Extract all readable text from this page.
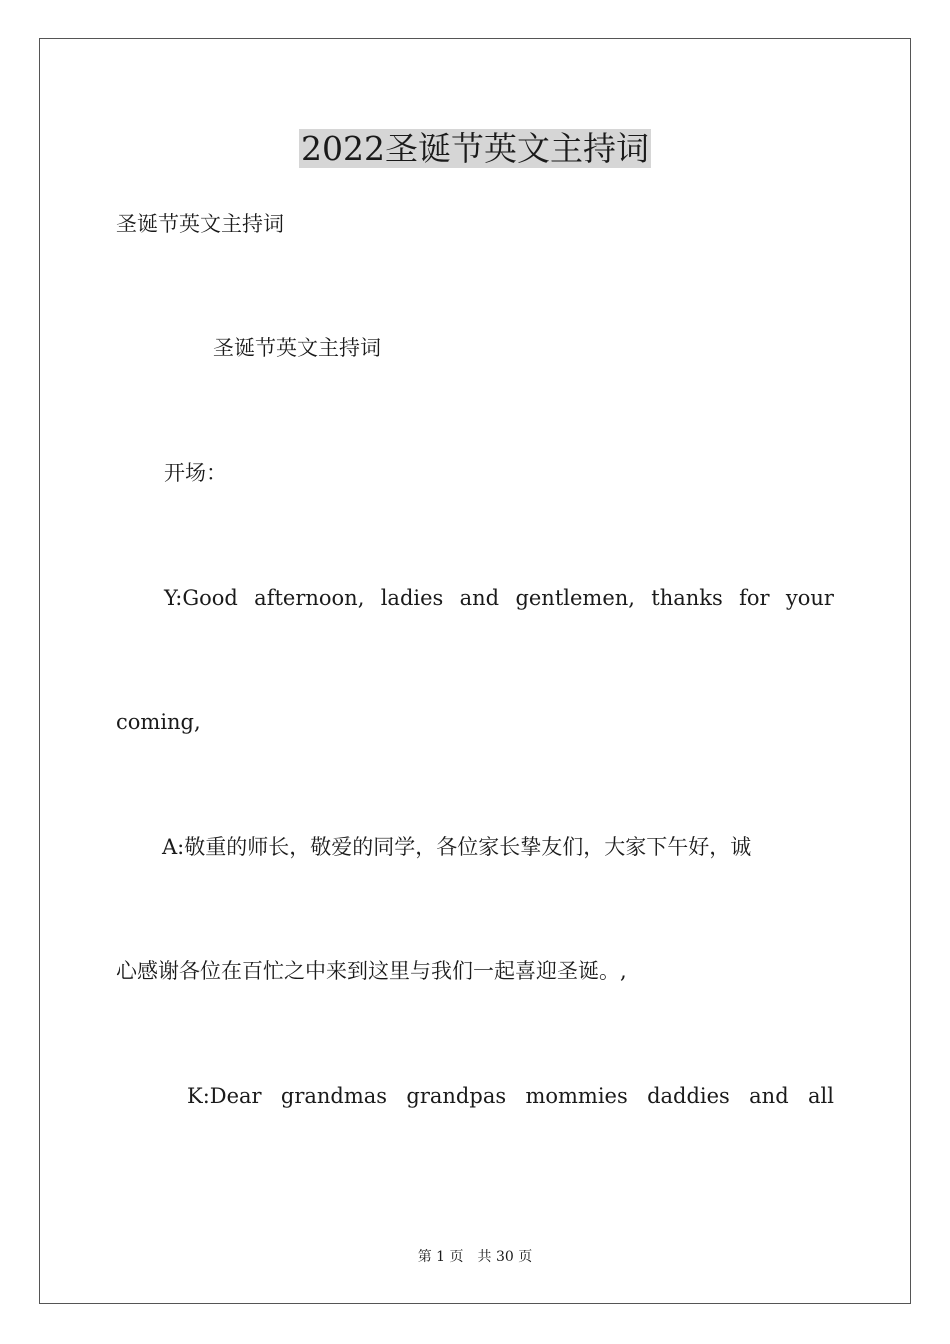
2022圣诞节英文主持词
圣诞节英文主持词
圣诞节英文主持词
开场：
Y:Good afternoon, ladies and gentlemen, thanks for your
coming,
A:敬重的师长，敬爱的同学，各位家长挚友们，大家下午好，诚
心感谢各位在百忙之中来到这里与我们一起喜迎圣诞。,
K:Dear grandmas grandpas mommies daddies and all
第 1 页　共 30 页
